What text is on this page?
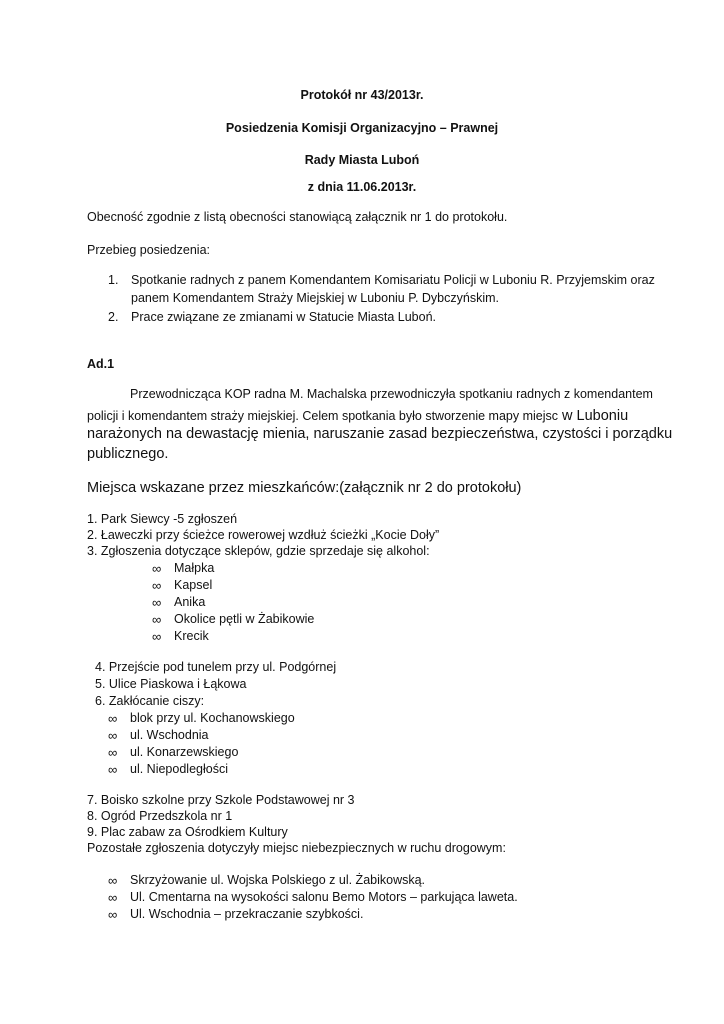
Protokół nr 43/2013r.
Posiedzenia Komisji Organizacyjno – Prawnej
Rady Miasta Luboń
z dnia 11.06.2013r.
Obecność zgodnie z listą obecności stanowiącą załącznik nr 1 do protokołu.
Przebieg posiedzenia:
1. Spotkanie radnych z panem Komendantem Komisariatu Policji w Luboniu R. Przyjemskim oraz
panem Komendantem Straży Miejskiej w Luboniu P. Dybczyńskim.
2. Prace związane ze zmianami w Statucie Miasta Luboń.
Ad.1
Przewodnicząca KOP radna M. Machalska przewodniczyła spotkaniu radnych z komendantem
policji i komendantem straży miejskiej. Celem spotkania było stworzenie mapy miejsc w Luboniu
narażonych na dewastację mienia, naruszanie zasad bezpieczeństwa, czystości i porządku
publicznego.
Miejsca wskazane przez mieszkańców:(załącznik nr 2 do protokołu)
1. Park Siewcy -5 zgłoszeń
2. Ławeczki przy ścieżce rowerowej wzdłuż ścieżki „Kocie Doły”
3. Zgłoszenia dotyczące sklepów, gdzie sprzedaje się alkohol:
∞ Małpka
∞ Kapsel
∞ Anika
∞ Okolice pętli w Żabikowie
∞ Krecik
4. Przejście pod tunelem przy ul. Podgórnej
5. Ulice Piaskowa i Łąkowa
6. Zakłócanie ciszy:
∞ blok przy ul. Kochanowskiego
∞ ul. Wschodnia
∞ ul. Konarzewskiego
∞ ul. Niepodległości
7. Boisko szkolne przy Szkole Podstawowej nr 3
8. Ogród Przedszkola nr 1
9. Plac zabaw za Ośrodkiem Kultury
Pozostałe zgłoszenia dotyczyły miejsc niebezpiecznych w ruchu drogowym:
∞ Skrzyżowanie ul. Wojska Polskiego z ul. Żabikowską.
∞ Ul. Cmentarna na wysokości salonu Bemo Motors – parkująca laweta.
∞ Ul. Wschodnia – przekraczanie szybkości.
